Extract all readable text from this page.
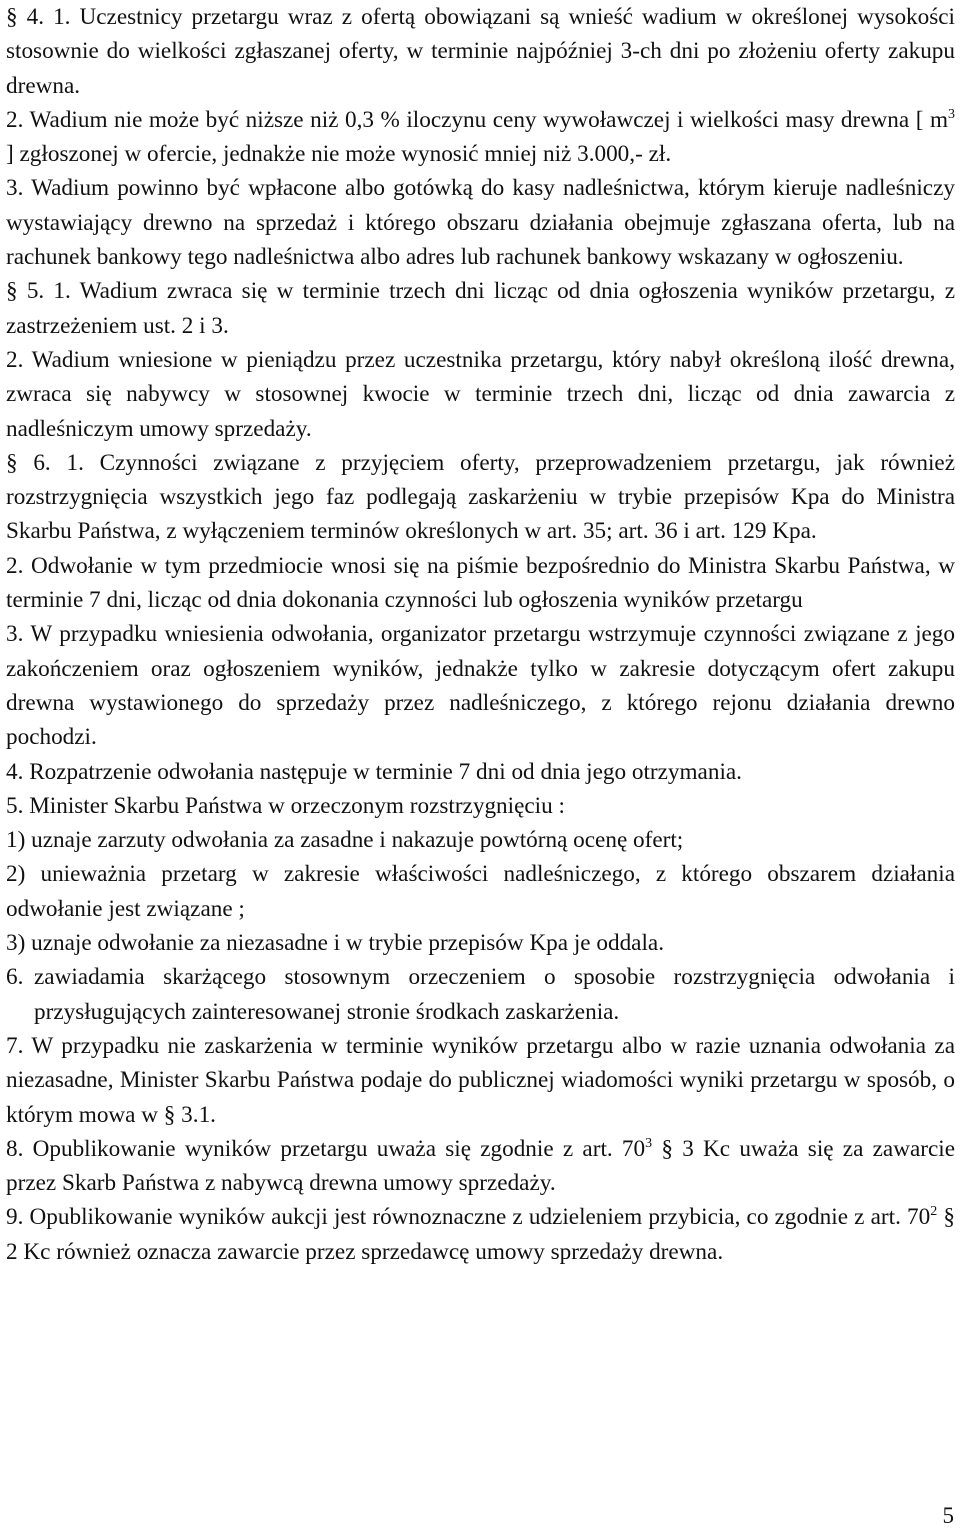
§ 4. 1. Uczestnicy przetargu wraz z ofertą obowiązani są wnieść wadium w określonej wysokości stosownie do wielkości zgłaszanej oferty, w terminie najpóźniej 3-ch dni po złożeniu oferty zakupu drewna.

2. Wadium nie może być niższe niż 0,3 % iloczynu ceny wywoławczej i wielkości masy drewna [ $m^3$ ] zgłoszonej w ofercie, jednakże nie może wynosić mniej niż 3.000,- zł.

3. Wadium powinno być wpłacone albo gotówką do kasy nadleśnictwa, którym kieruje nadleśniczy wystawiający drewno na sprzedaż i którego obszaru działania obejmuje zgłaszana oferta, lub na rachunek bankowy tego nadleśnictwa albo adres lub rachunek bankowy wskazany w ogłoszeniu.

§ 5. 1. Wadium zwraca się w terminie trzech dni licząc od dnia ogłoszenia wyników przetargu, z zastrzeżeniem ust. 2 i 3.

2. Wadium wniesione w pieniądzu przez uczestnika przetargu, który nabył określoną ilość drewna, zwraca się nabywcy w stosownej kwocie w terminie trzech dni, licząc od dnia zawarcia z nadleśniczym umowy sprzedaży.

§ 6. 1. Czynności związane z przyjęciem oferty, przeprowadzeniem przetargu, jak również rozstrzygnięcia wszystkich jego faz podlegają zaskarżeniu w trybie przepisów Kpa do Ministra Skarbu Państwa, z wyłączeniem terminów określonych w art. 35; art. 36 i art. 129 Kpa.

2. Odwołanie w tym przedmiocie wnosi się na piśmie bezpośrednio do Ministra Skarbu Państwa, w terminie 7 dni, licząc od dnia dokonania czynności lub ogłoszenia wyników przetargu

3. W przypadku wniesienia odwołania, organizator przetargu wstrzymuje czynności związane z jego zakończeniem oraz ogłoszeniem wyników, jednakże tylko w zakresie dotyczącym ofert zakupu drewna wystawionego do sprzedaży przez nadleśniczego, z którego rejonu działania drewno pochodzi.

4. Rozpatrzenie odwołania następuje w terminie 7 dni od dnia jego otrzymania.

5. Minister Skarbu Państwa w orzeczonym rozstrzygnięciu :

1) uznaje zarzuty odwołania za zasadne i nakazuje powtórną ocenę ofert;

2) unieważnia przetarg w zakresie właściwości nadleśniczego, z którego obszarem działania odwołanie jest związane ;

3) uznaje odwołanie za niezasadne i w trybie przepisów Kpa je oddala.

6. zawiadamia skarżącego stosownym orzeczeniem o sposobie rozstrzygnięcia odwołania i przysługujących zainteresowanej stronie środkach zaskarżenia.

7. W przypadku nie zaskarżenia w terminie wyników przetargu albo w razie uznania odwołania za niezasadne, Minister Skarbu Państwa podaje do publicznej wiadomości wyniki przetargu w sposób, o którym mowa w § 3.1.

8. Opublikowanie wyników przetargu uważa się zgodnie z art. $70^3$ § 3 Kc uważa się za zawarcie przez Skarb Państwa z nabywcą drewna umowy sprzedaży.

9. Opublikowanie wyników aukcji jest równoznaczne z udzieleniem przybicia, co zgodnie z art. $70^2$ § 2 Kc również oznacza zawarcie przez sprzedawcę umowy sprzedaży drewna.

5
